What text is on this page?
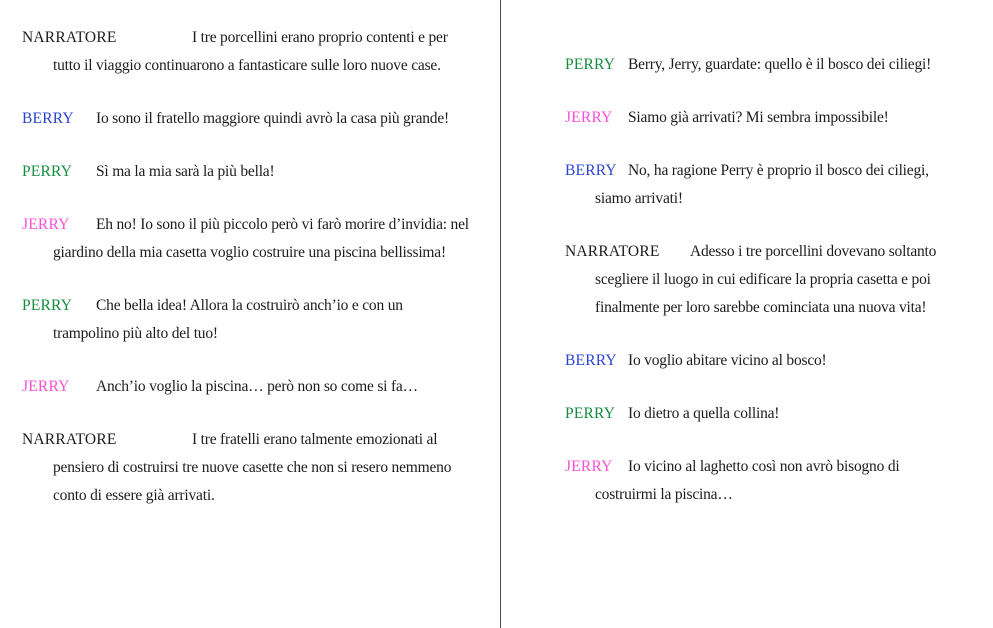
NARRATORE	I tre porcellini erano proprio contenti e per tutto il viaggio continuarono a fantasticare sulle loro nuove case.

BERRY Io sono il fratello maggiore quindi avrò la casa più grande!

PERRY Sì ma la mia sarà la più bella!

JERRY Eh no! Io sono il più piccolo però vi farò morire d’invidia: nel giardino della mia casetta voglio costruire una piscina bellissima!

PERRY Che bella idea! Allora la costruirò anch’io e con un trampolino più alto del tuo!

JERRY Anch’io voglio la piscina… però non so come si fa…

NARRATORE	I tre fratelli erano talmente emozionati al pensiero di costruirsi tre nuove casette che non si resero nemmeno conto di essere già arrivati.

PERRY Berry, Jerry, guardate: quello è il bosco dei ciliegi!

JERRY Siamo già arrivati? Mi sembra impossibile!

BERRY No, ha ragione Perry è proprio il bosco dei ciliegi, siamo arrivati!

NARRATORE Adesso i tre porcellini dovevano soltanto scegliere il luogo in cui edificare la propria casetta e poi finalmente per loro sarebbe cominciata una nuova vita!

BERRY Io voglio abitare vicino al bosco!

PERRY Io dietro a quella collina!

JERRY Io vicino al laghetto così non avrò bisogno di costruirmi la piscina…
